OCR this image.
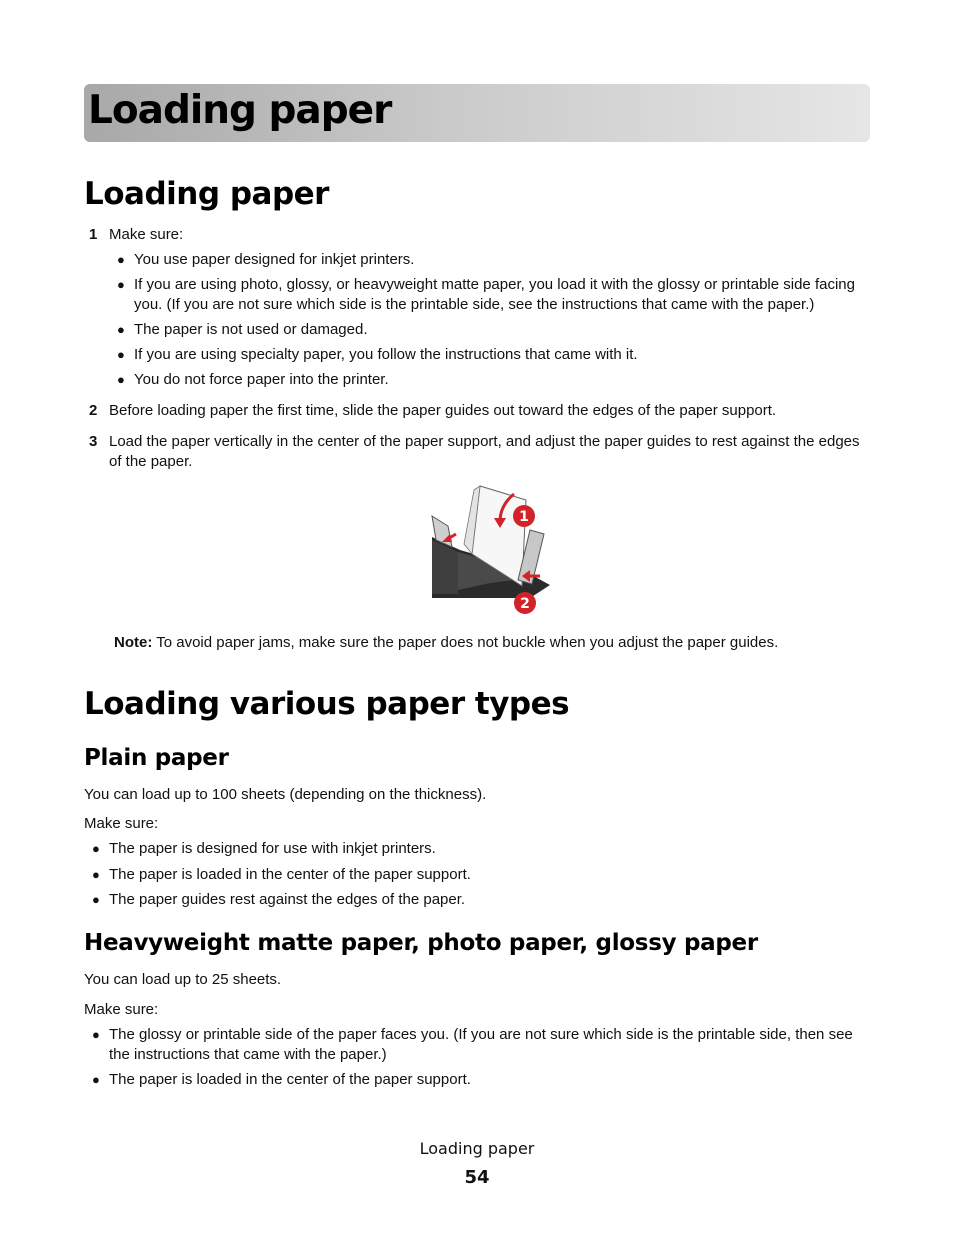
Loading paper
Loading paper
1 Make sure:
● You use paper designed for inkjet printers.
● If you are using photo, glossy, or heavyweight matte paper, you load it with the glossy or printable side facing
you. (If you are not sure which side is the printable side, see the instructions that came with the paper.)
● The paper is not used or damaged.
● If you are using specialty paper, you follow the instructions that came with it.
● You do not force paper into the printer.
2 Before loading paper the first time, slide the paper guides out toward the edges of the paper support.
3 Load the paper vertically in the center of the paper support, and adjust the paper guides to rest against the edges
of the paper.
1
2
Note: To avoid paper jams, make sure the paper does not buckle when you adjust the paper guides.
Loading various paper types
Plain paper
You can load up to 100 sheets (depending on the thickness).
Make sure:
● The paper is designed for use with inkjet printers.
● The paper is loaded in the center of the paper support.
● The paper guides rest against the edges of the paper.
Heavyweight matte paper, photo paper, glossy paper
You can load up to 25 sheets.
Make sure:
● The glossy or printable side of the paper faces you. (If you are not sure which side is the printable side, then see
the instructions that came with the paper.)
● The paper is loaded in the center of the paper support.
Loading paper
54
